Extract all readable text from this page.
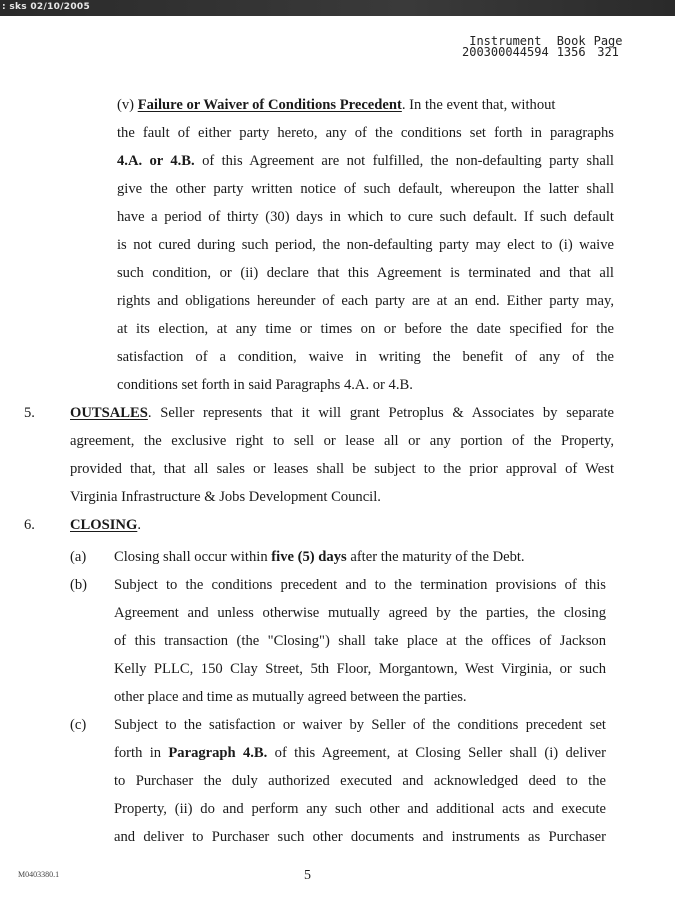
: sks 02/10/2005
Instrument
200300044594Book
1356Page
321
(v) Failure or Waiver of Conditions Precedent. In the event that, without
the fault of either party hereto, any of the conditions set forth in paragraphs
4.A. or 4.B. of this Agreement are not fulfilled, the non-defaulting party shall
give the other party written notice of such default, whereupon the latter shall
have a period of thirty (30) days in which to cure such default. If such default
is not cured during such period, the non-defaulting party may elect to (i) waive
such condition, or (ii) declare that this Agreement is terminated and that all
rights and obligations hereunder of each party are at an end. Either party may,
at its election, at any time or times on or before the date specified for the
satisfaction of a condition, waive in writing the benefit of any of the
conditions set forth in said Paragraphs 4.A. or 4.B.
5. OUTSALES. Seller represents that it will grant Petroplus & Associates by separate
agreement, the exclusive right to sell or lease all or any portion of the Property,
provided that, that all sales or leases shall be subject to the prior approval of West
Virginia Infrastructure & Jobs Development Council.
6. CLOSING.
(a) Closing shall occur within five (5) days after the maturity of the Debt.
(b) Subject to the conditions precedent and to the termination provisions of this
Agreement and unless otherwise mutually agreed by the parties, the closing
of this transaction (the "Closing") shall take place at the offices of Jackson
Kelly PLLC, 150 Clay Street, 5th Floor, Morgantown, West Virginia, or such
other place and time as mutually agreed between the parties.
(c) Subject to the satisfaction or waiver by Seller of the conditions precedent set
forth in Paragraph 4.B. of this Agreement, at Closing Seller shall (i) deliver
to Purchaser the duly authorized executed and acknowledged deed to the
Property, (ii) do and perform any such other and additional acts and execute
and deliver to Purchaser such other documents and instruments as Purchaser
M0403380.1	5
